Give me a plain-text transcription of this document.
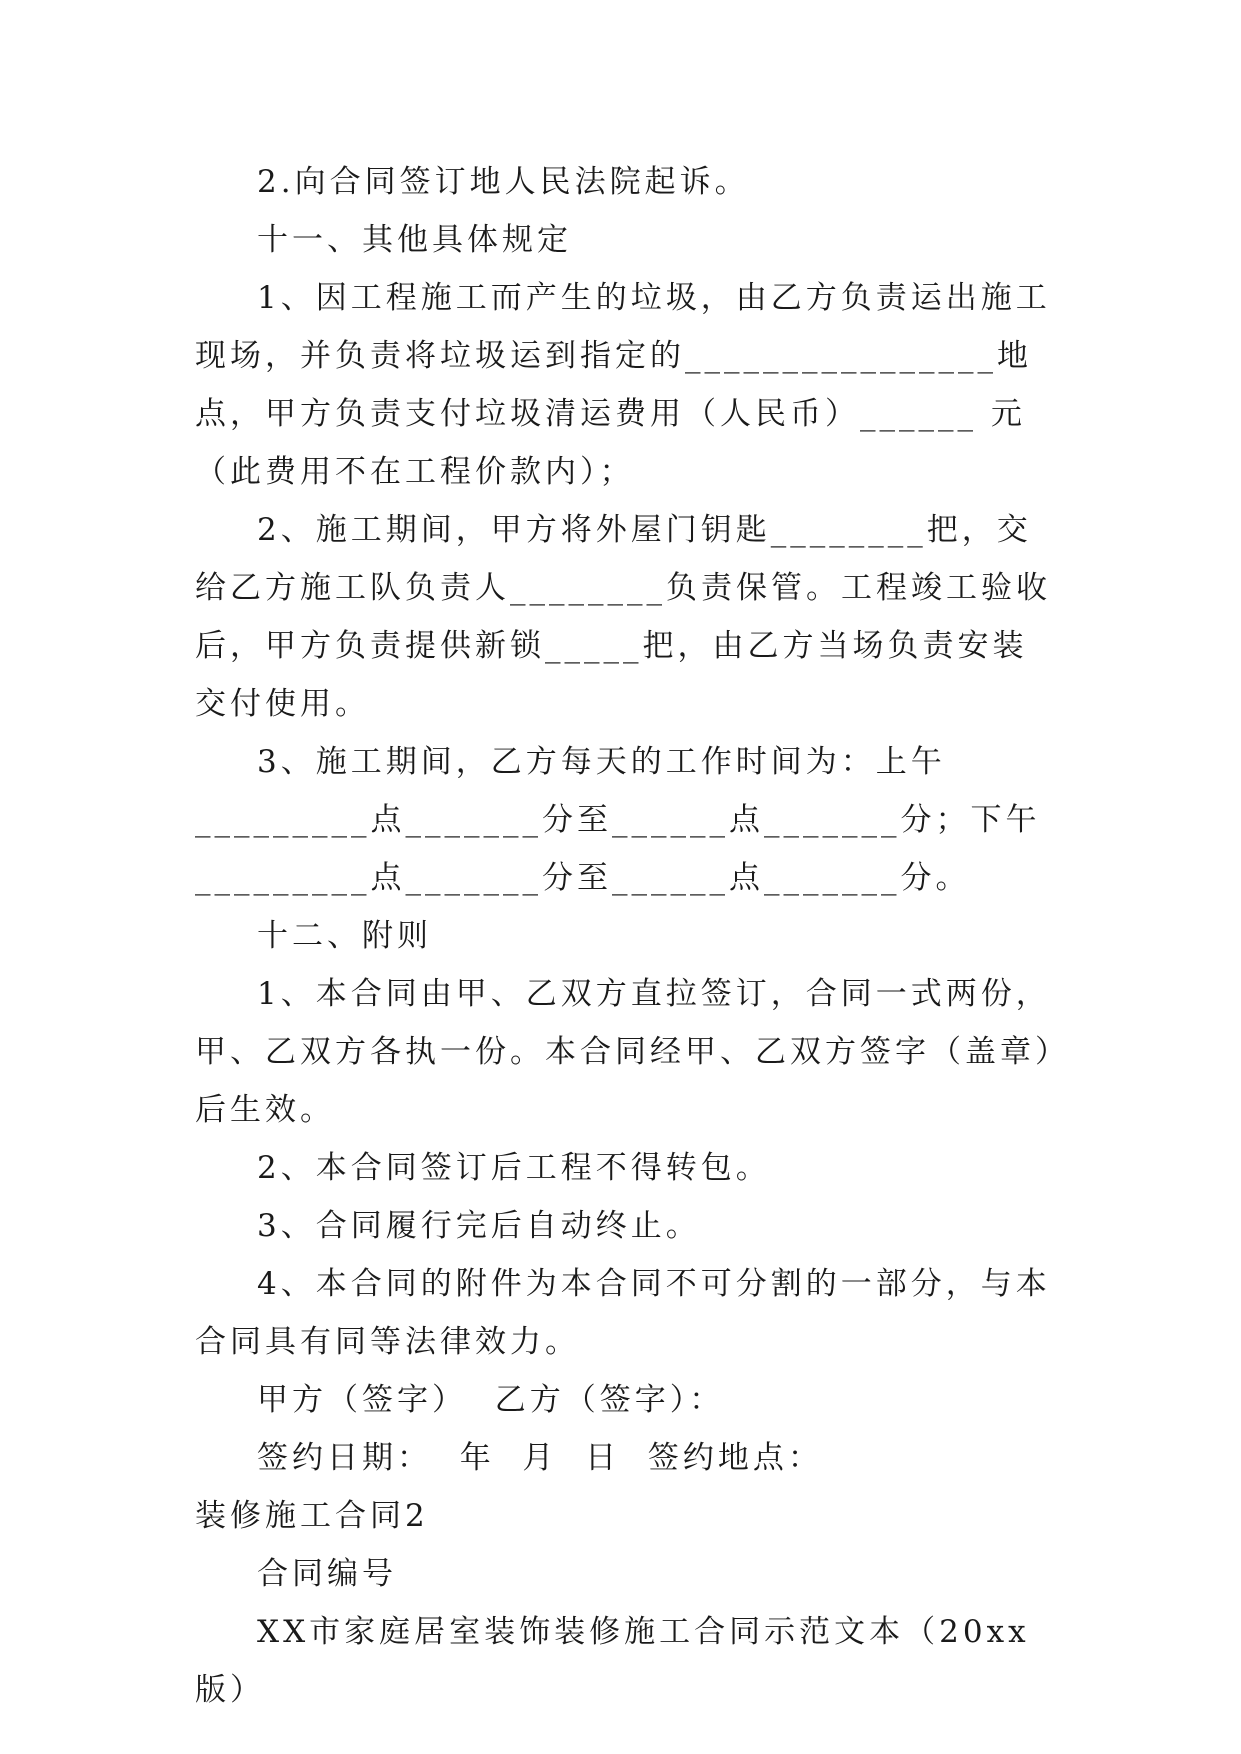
2.向合同签订地人民法院起诉。

十一、其他具体规定

1、因工程施工而产生的垃圾，由乙方负责运出施工现场，并负责将垃圾运到指定的________________地点，甲方负责支付垃圾清运费用（人民币）______ 元（此费用不在工程价款内）；

2、施工期间，甲方将外屋门钥匙________把，交给乙方施工队负责人________负责保管。工程竣工验收后，甲方负责提供新锁_____把，由乙方当场负责安装交付使用。

3、施工期间，乙方每天的工作时间为：上午_________点_______分至______点_______分；下午_________点_______分至______点_______分。

十二、附则

1、本合同由甲、乙双方直拉签订，合同一式两份，甲、乙双方各执一份。本合同经甲、乙双方签字（盖章）后生效。

2、本合同签订后工程不得转包。

3、合同履行完后自动终止。

4、本合同的附件为本合同不可分割的一部分，与本合同具有同等法律效力。

甲方（签字）  乙方（签字）：

签约日期：  年  月  日  签约地点：

装修施工合同2

合同编号

XX市家庭居室装饰装修施工合同示范文本（20xx版）
